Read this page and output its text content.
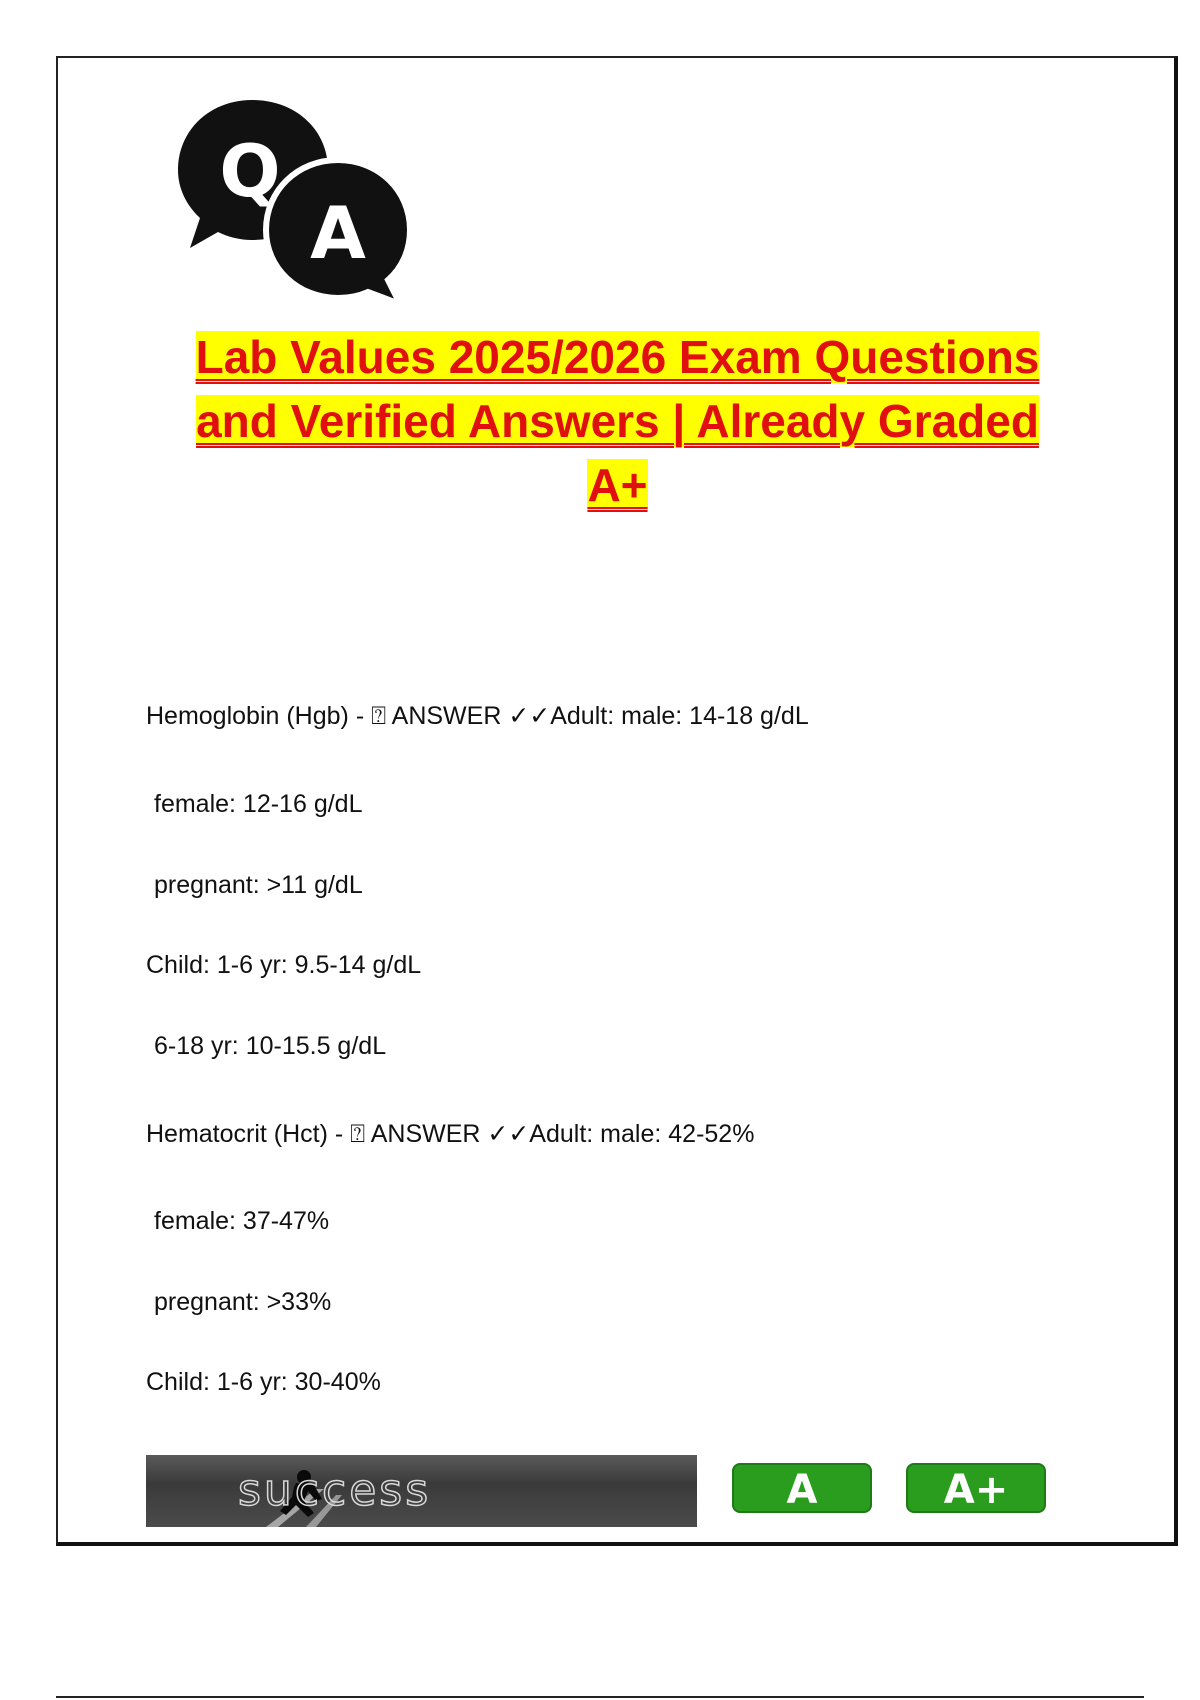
Q
A
Lab Values 2025/2026 Exam Questions
and Verified Answers | Already Graded
A+
Hemoglobin (Hgb) - ⍰ ANSWER ✓✓Adult: male: 14-18 g/dL
female: 12-16 g/dL
pregnant: >11 g/dL
Child: 1-6 yr: 9.5-14 g/dL
6-18 yr: 10-15.5 g/dL
Hematocrit (Hct) - ⍰ ANSWER ✓✓Adult: male: 42-52%
female: 37-47%
pregnant: >33%
Child: 1-6 yr: 30-40%
success	A	A+
